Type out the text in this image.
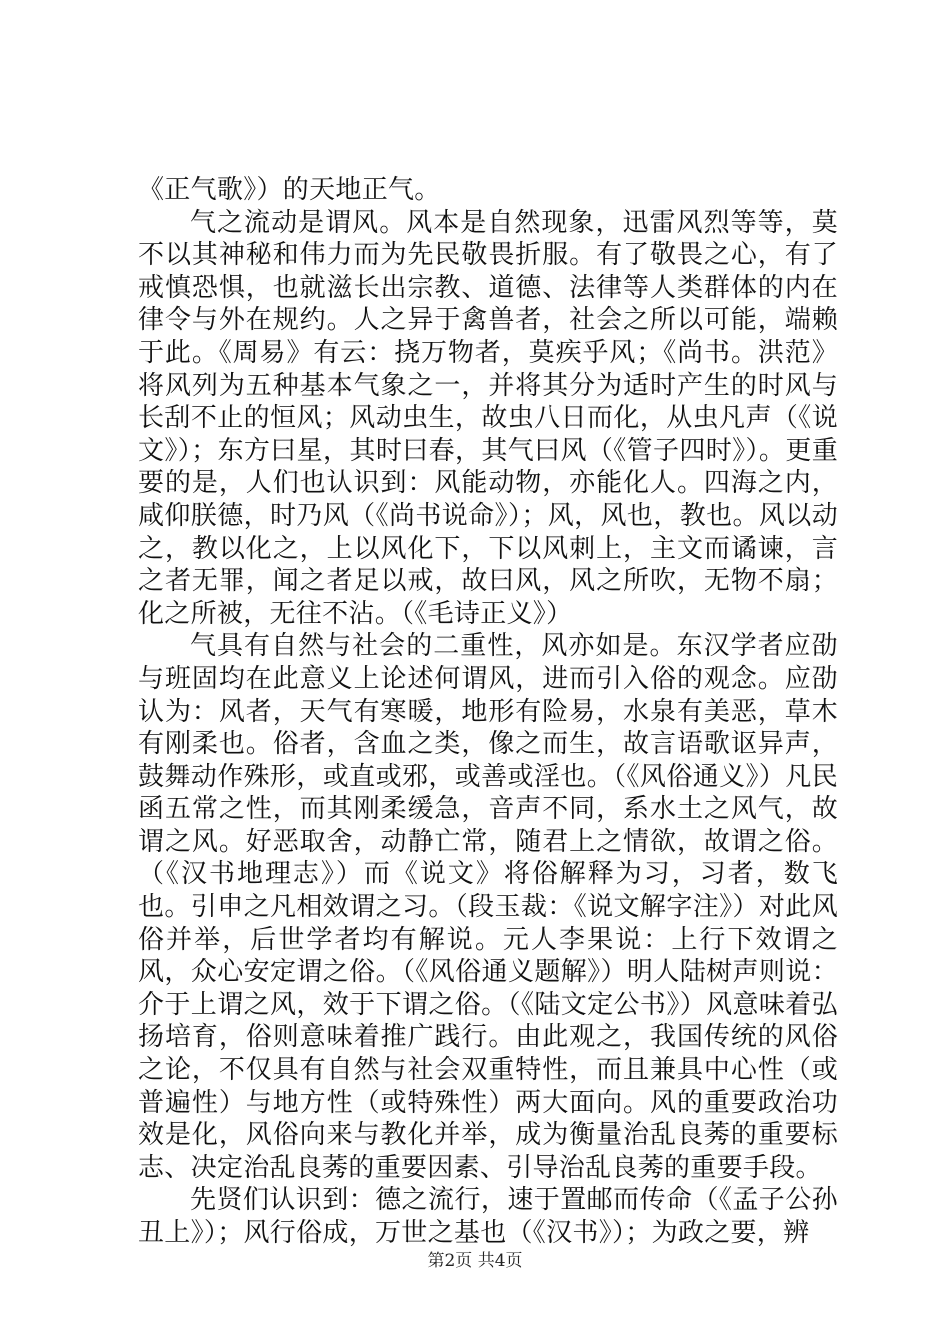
《正气歌》）的天地正气。

气之流动是谓风。风本是自然现象，迅雷风烈等等，莫不以其神秘和伟力而为先民敬畏折服。有了敬畏之心，有了戒慎恐惧，也就滋长出宗教、道德、法律等人类群体的内在律令与外在规约。人之异于禽兽者，社会之所以可能，端赖于此。《周易》有云：挠万物者，莫疾乎风；《尚书。洪范》将风列为五种基本气象之一，并将其分为适时产生的时风与长刮不止的恒风；风动虫生，故虫八日而化，从虫凡声（《说文》）；东方曰星，其时曰春，其气曰风（《管子四时》）。更重要的是，人们也认识到：风能动物，亦能化人。四海之内，咸仰朕德，时乃风（《尚书说命》）；风，风也，教也。风以动之，教以化之，上以风化下，下以风刺上，主文而谲谏，言之者无罪，闻之者足以戒，故曰风，风之所吹，无物不扇；化之所被，无往不沾。（《毛诗正义》）

气具有自然与社会的二重性，风亦如是。东汉学者应劭与班固均在此意义上论述何谓风，进而引入俗的观念。应劭认为：风者，天气有寒暖，地形有险易，水泉有美恶，草木有刚柔也。俗者，含血之类，像之而生，故言语歌讴异声，鼓舞动作殊形，或直或邪，或善或淫也。（《风俗通义》）凡民函五常之性，而其刚柔缓急，音声不同，系水土之风气，故谓之风。好恶取舍，动静亡常，随君上之情欲，故谓之俗。（《汉书地理志》）而《说文》将俗解释为习，习者，数飞也。引申之凡相效谓之习。（段玉裁：《说文解字注》）对此风俗并举，后世学者均有解说。元人李果说：上行下效谓之风，众心安定谓之俗。（《风俗通义题解》）明人陆树声则说：介于上谓之风，效于下谓之俗。（《陆文定公书》）风意味着弘扬培育，俗则意味着推广践行。由此观之，我国传统的风俗之论，不仅具有自然与社会双重特性，而且兼具中心性（或普遍性）与地方性（或特殊性）两大面向。风的重要政治功效是化，风俗向来与教化并举，成为衡量治乱良莠的重要标志、决定治乱良莠的重要因素、引导治乱良莠的重要手段。

先贤们认识到：德之流行，速于置邮而传命（《孟子公孙丑上》）；风行俗成，万世之基也（《汉书》）；为政之要，辨

第2页 共4页
